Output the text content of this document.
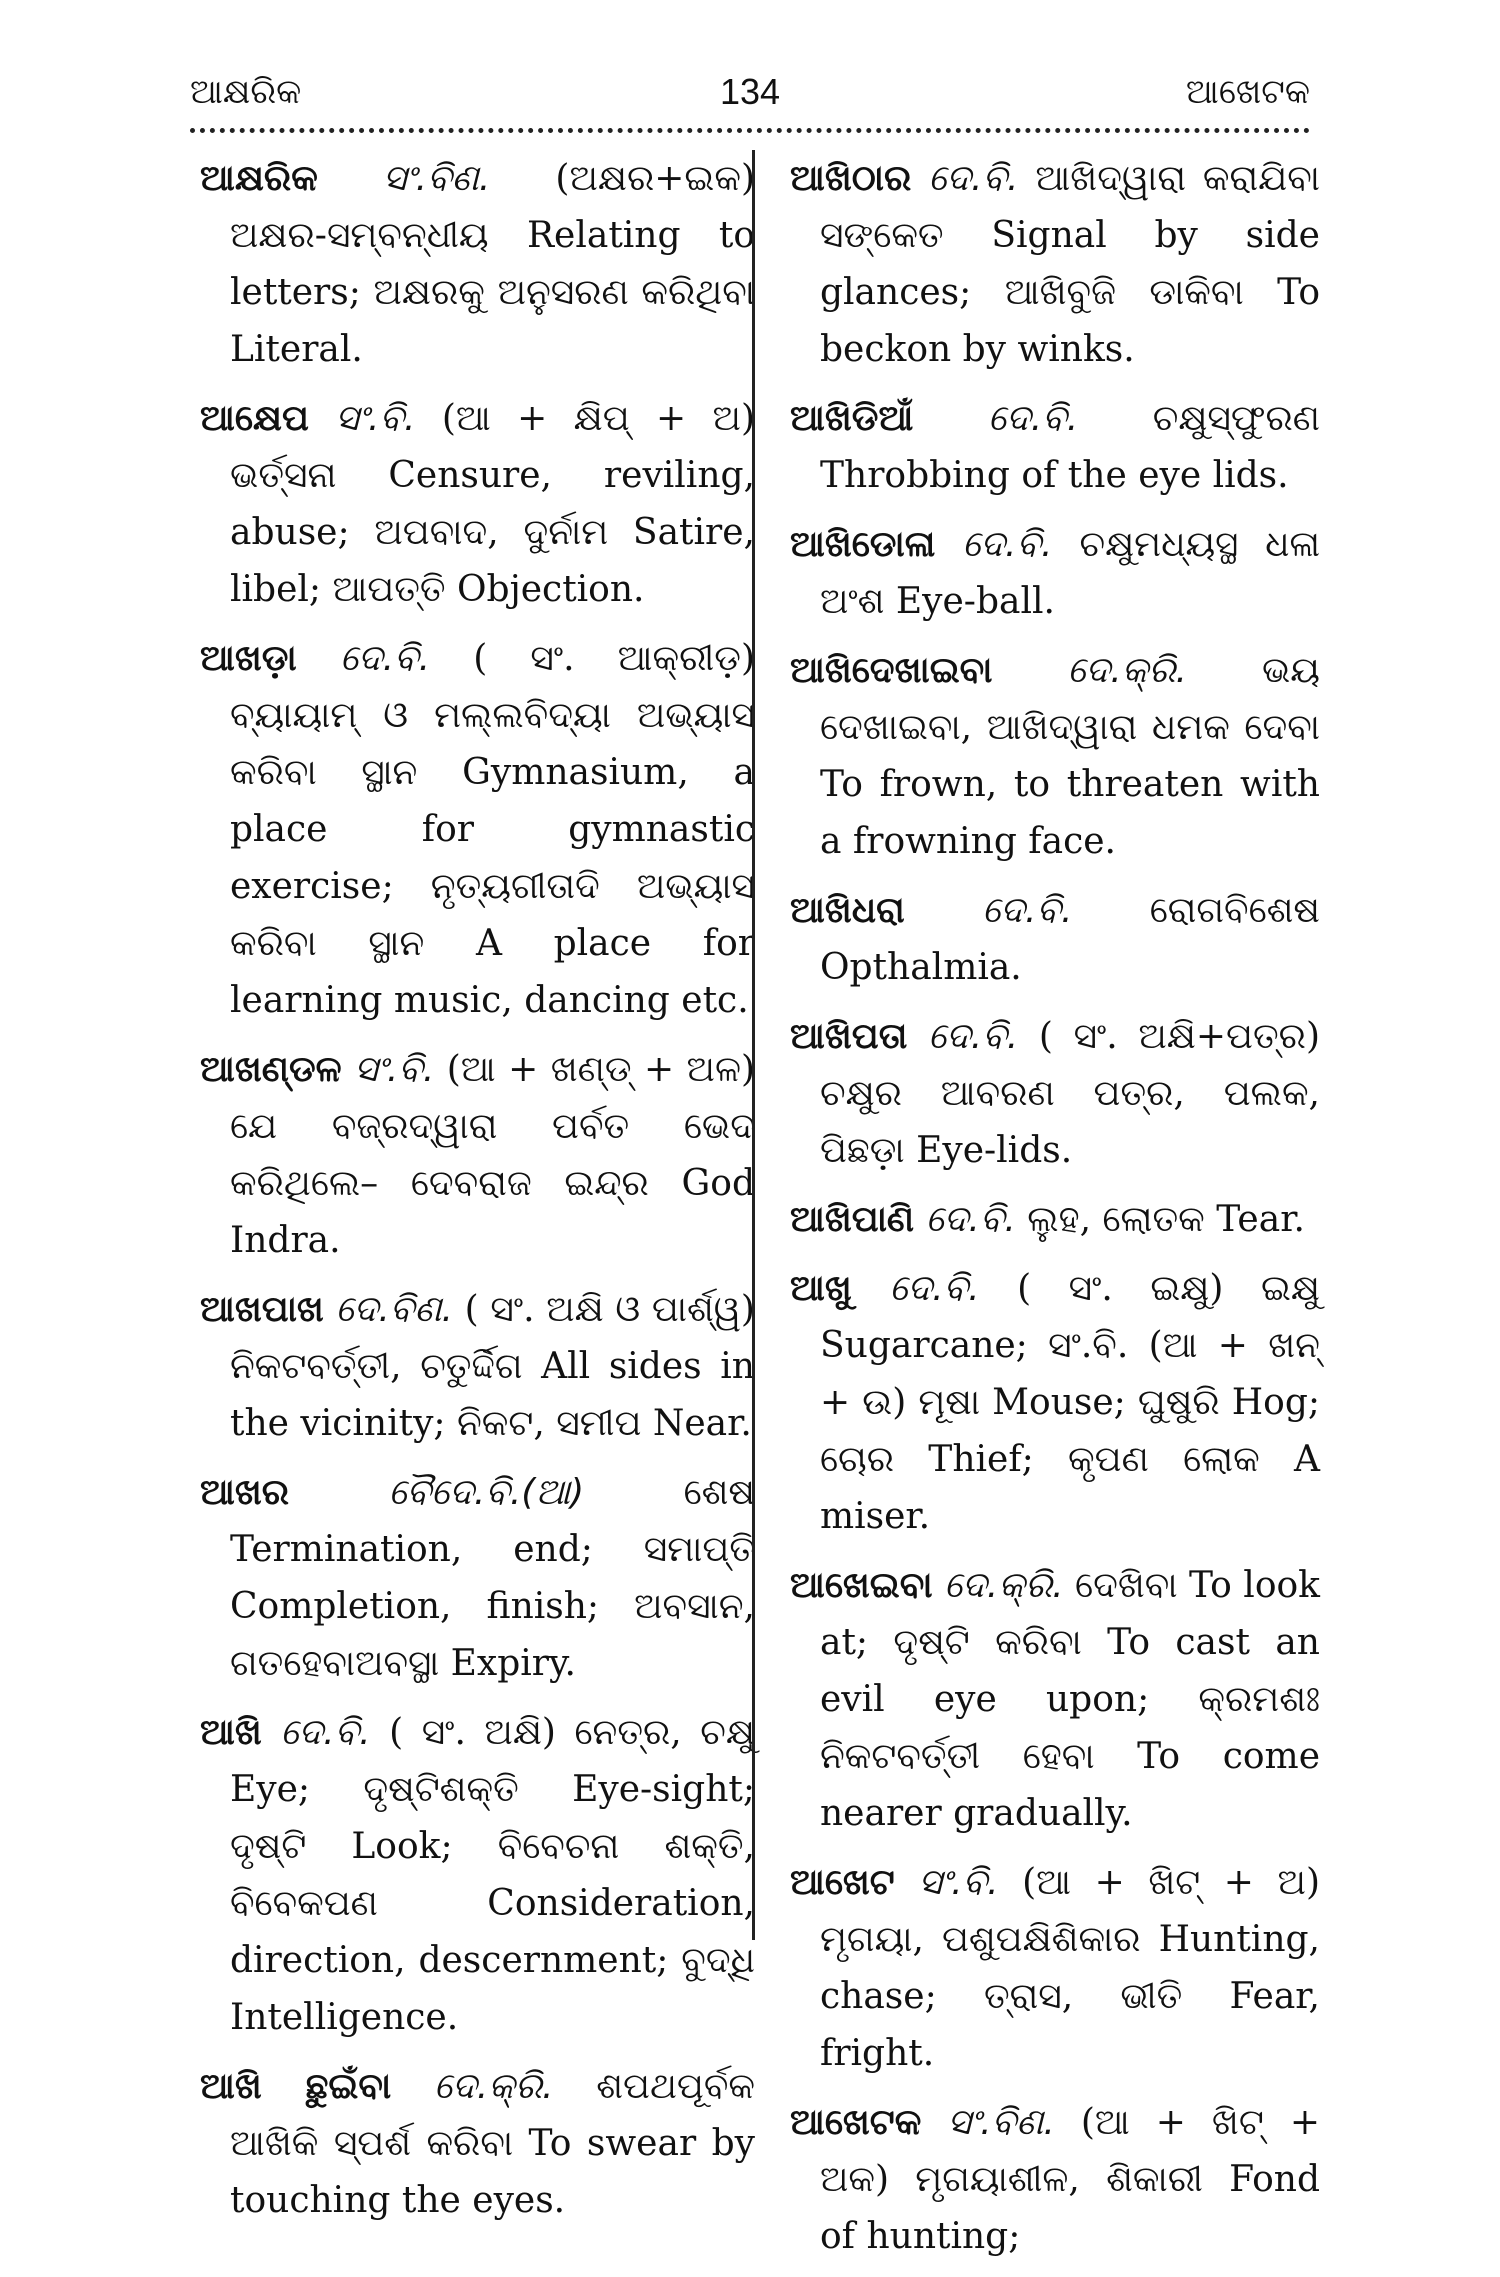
ଆକ୍ଷରିକ	134	ଆଖେଟକ

ଆକ୍ଷରିକ ସଂ.ବିଣ. (ଅକ୍ଷର+ଇକ) ଅକ୍ଷର-ସମ୍ବନ୍ଧୀୟ Relating to letters; ଅକ୍ଷରକୁ ଅନୁସରଣ କରିଥିବା Literal.

ଆକ୍ଷେପ ସଂ.ବି. (ଆ + କ୍ଷିପ୍ + ଅ) ଭର୍ତ୍ସନା Censure, reviling, abuse; ଅପବାଦ, ଦୁର୍ନାମ Satire, libel; ଆପତ୍ତି Objection.

ଆଖଡ଼ା ଦେ.ବି. ( ସଂ. ଆକ୍ରୀଡ଼) ବ୍ୟାୟାମ୍ ଓ ମଲ୍ଲବିଦ୍ୟା ଅଭ୍ୟାସ କରିବା ସ୍ଥାନ Gymnasium, a place for gymnastic exercise; ନୃତ୍ୟଗୀତାଦି ଅଭ୍ୟାସ କରିବା ସ୍ଥାନ A place for learning music, dancing etc.

ଆଖଣ୍ଡଳ ସଂ.ବି. (ଆ + ଖଣ୍ଡ୍ + ଅଳ) ଯେ ବଜ୍ରଦ୍ୱାରା ପର୍ବତ ଭେଦ କରିଥିଲେ– ଦେବରାଜ ଇନ୍ଦ୍ର God Indra.

ଆଖପାଖ ଦେ.ବିଣ. ( ସଂ. ଅକ୍ଷି ଓ ପାର୍ଶ୍ୱ) ନିକଟବର୍ତ୍ତୀ, ଚତୁର୍ଦ୍ଦିଗ All sides in the vicinity; ନିକଟ, ସମୀପ Near.

ଆଖର	ବୈଦେ.ବି.(ଆ)	ଶେଷ Termination, end; ସମାପ୍ତି Completion, finish; ଅବସାନ, ଗତହେବାଅବସ୍ଥା Expiry.

ଆଖି ଦେ.ବି. ( ସଂ. ଅକ୍ଷି) ନେତ୍ର, ଚକ୍ଷୁ Eye; ଦୃଷ୍ଟିଶକ୍ତି Eye-sight; ଦୃଷ୍ଟି Look; ବିବେଚନା ଶକ୍ତି, ବିବେକପଣ Consideration, direction, descernment; ବୁଦ୍ଧି Intelligence.

ଆଖି ଛୁଇଁବା ଦେ.କ୍ରି. ଶପଥପୂର୍ବକ ଆଖିକି ସ୍ପର୍ଶ କରିବା To swear by touching the eyes.

ଆଖିଠାର ଦେ.ବି. ଆଖିଦ୍ୱାରା କରାଯିବା ସଙ୍କେତ Signal by side glances; ଆଖିବୁଜି ଡାକିବା To beckon by winks.

ଆଖିଡିଆଁ ଦେ.ବି. ଚକ୍ଷୁସ୍ଫୁରଣ Throbbing of the eye lids.

ଆଖିଡୋଳା ଦେ.ବି. ଚକ୍ଷୁମଧ୍ୟସ୍ଥ ଧଳା ଅଂଶ Eye-ball.

ଆଖିଦେଖାଇବା ଦେ.କ୍ରି. ଭୟ ଦେଖାଇବା, ଆଖିଦ୍ୱାରା ଧମକ ଦେବା To frown, to threaten with a frowning face.

ଆଖିଧରା ଦେ.ବି. ରୋଗବିଶେଷ Opthalmia.

ଆଖିପତା ଦେ.ବି. ( ସଂ. ଅକ୍ଷି+ପତ୍ର) ଚକ୍ଷୁର ଆବରଣ ପତ୍ର, ପଲକ, ପିଛଡ଼ା Eye-lids.

ଆଖିପାଣି ଦେ.ବି. ଲୁହ, ଲୋତକ Tear.

ଆଖୁ ଦେ.ବି. ( ସଂ. ଇକ୍ଷୁ) ଇକ୍ଷୁ Sugarcane; ସଂ.ବି. (ଆ + ଖନ୍ + ଉ) ମୂଷା Mouse; ଘୁଷୁରି Hog; ଚୋର Thief; କୃପଣ ଲୋକ A miser.

ଆଖେଇବା ଦେ.କ୍ରି. ଦେଖିବା To look at; ଦୃଷ୍ଟି କରିବା To cast an evil eye upon; କ୍ରମଶଃ ନିକଟବର୍ତ୍ତୀ ହେବା To come nearer gradually.

ଆଖେଟ ସଂ.ବି. (ଆ + ଖିଟ୍ + ଅ) ମୃଗୟା, ପଶୁପକ୍ଷିଶିକାର Hunting, chase; ତ୍ରାସ, ଭୀତି Fear, fright.

ଆଖେଟକ ସଂ.ବିଣ. (ଆ + ଖିଟ୍ + ଅକ) ମୃଗୟାଶୀଳ, ଶିକାରୀ Fond of hunting;
